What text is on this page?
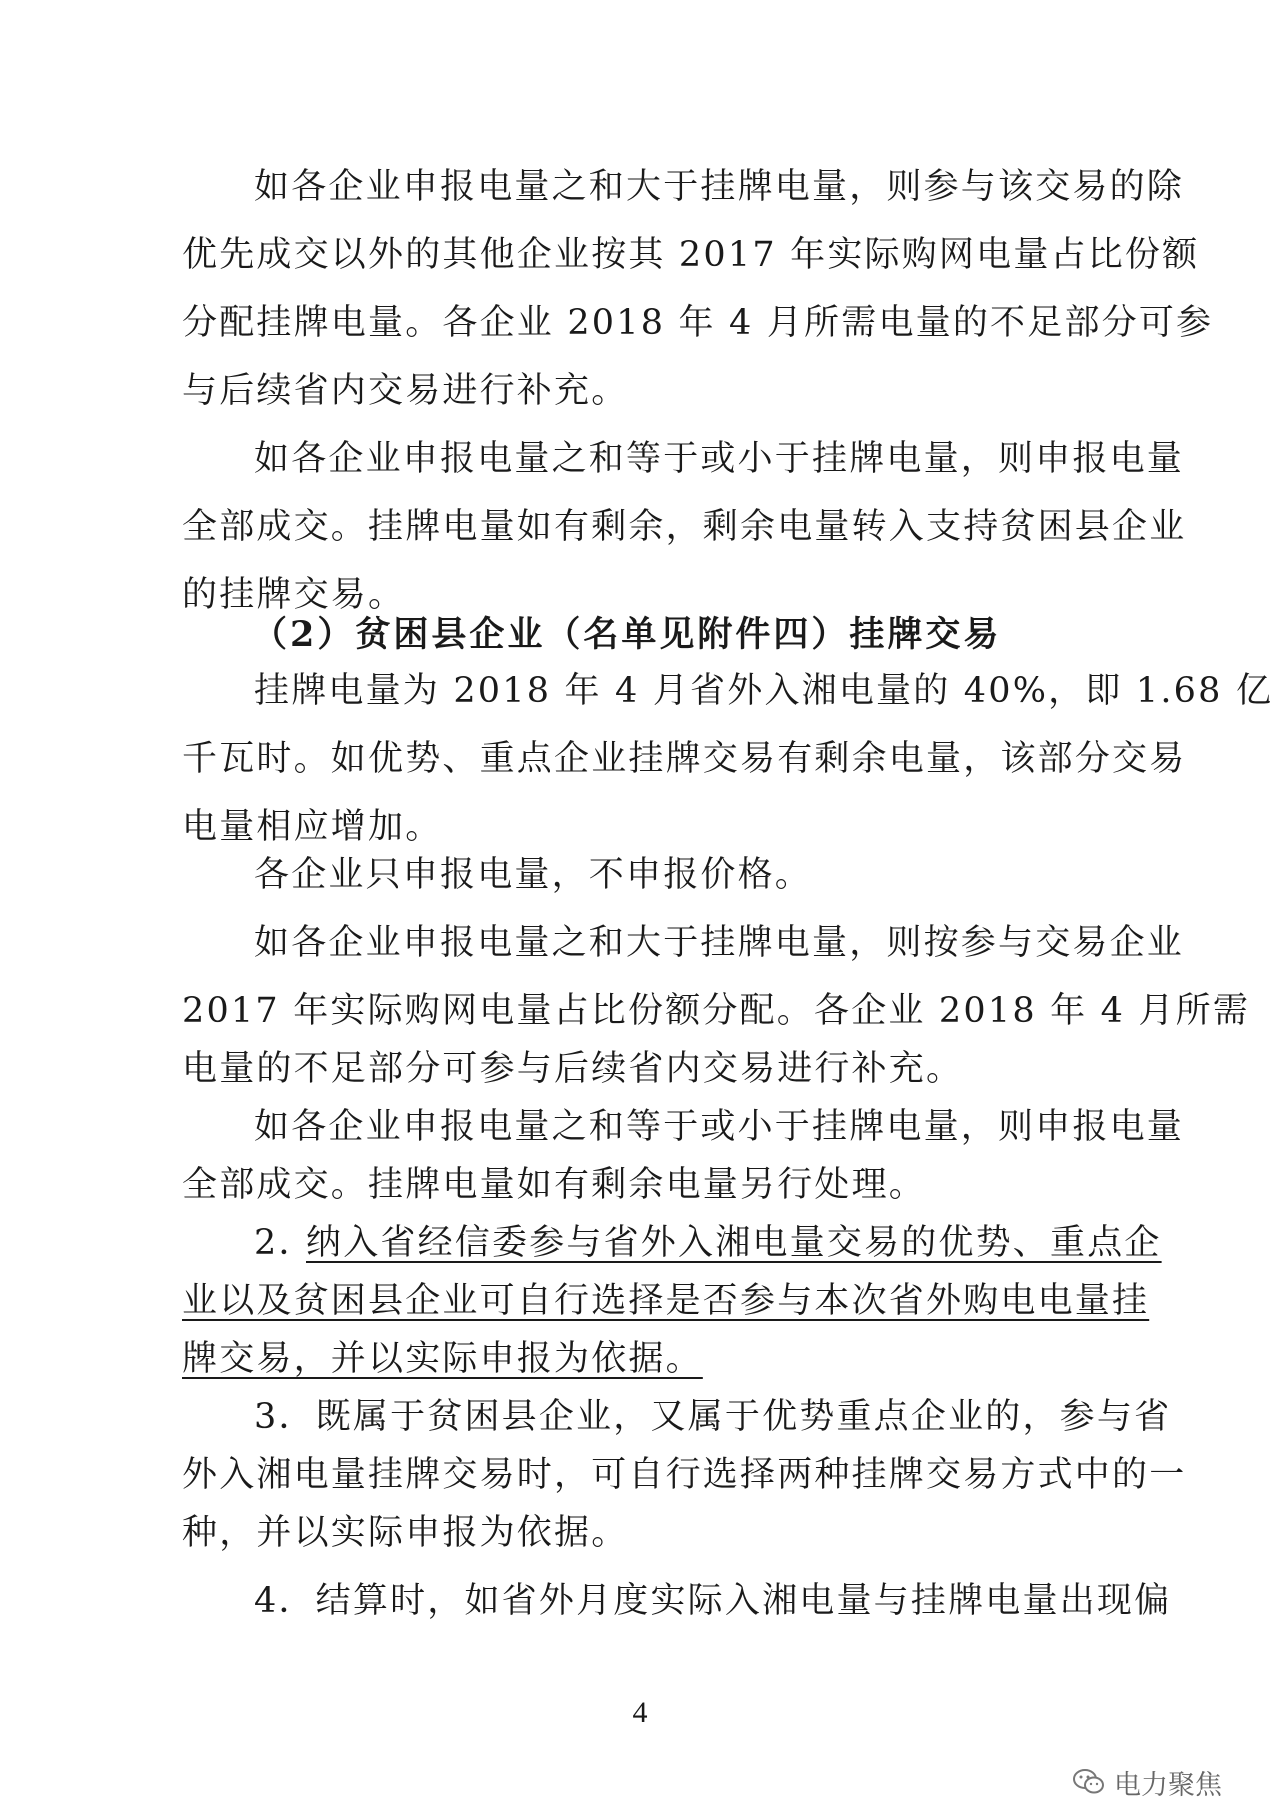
如各企业申报电量之和大于挂牌电量，则参与该交易的除
优先成交以外的其他企业按其 2017 年实际购网电量占比份额
分配挂牌电量。各企业 2018 年 4 月所需电量的不足部分可参
与后续省内交易进行补充。
如各企业申报电量之和等于或小于挂牌电量，则申报电量
全部成交。挂牌电量如有剩余，剩余电量转入支持贫困县企业
的挂牌交易。
（2）贫困县企业（名单见附件四）挂牌交易
挂牌电量为 2018 年 4 月省外入湘电量的 40%，即 1.68 亿
千瓦时。如优势、重点企业挂牌交易有剩余电量，该部分交易
电量相应增加。
各企业只申报电量，不申报价格。
如各企业申报电量之和大于挂牌电量，则按参与交易企业
2017 年实际购网电量占比份额分配。各企业 2018 年 4 月所需
电量的不足部分可参与后续省内交易进行补充。
如各企业申报电量之和等于或小于挂牌电量，则申报电量
全部成交。挂牌电量如有剩余电量另行处理。
2．
纳入省经信委参与省外入湘电量交易的优势、重点企
业以及贫困县企业可自行选择是否参与本次省外购电电量挂
牌交易，并以实际申报为依据。
3．既属于贫困县企业，又属于优势重点企业的，参与省
外入湘电量挂牌交易时，可自行选择两种挂牌交易方式中的一
种，并以实际申报为依据。
4．结算时，如省外月度实际入湘电量与挂牌电量出现偏
4
电力聚焦
